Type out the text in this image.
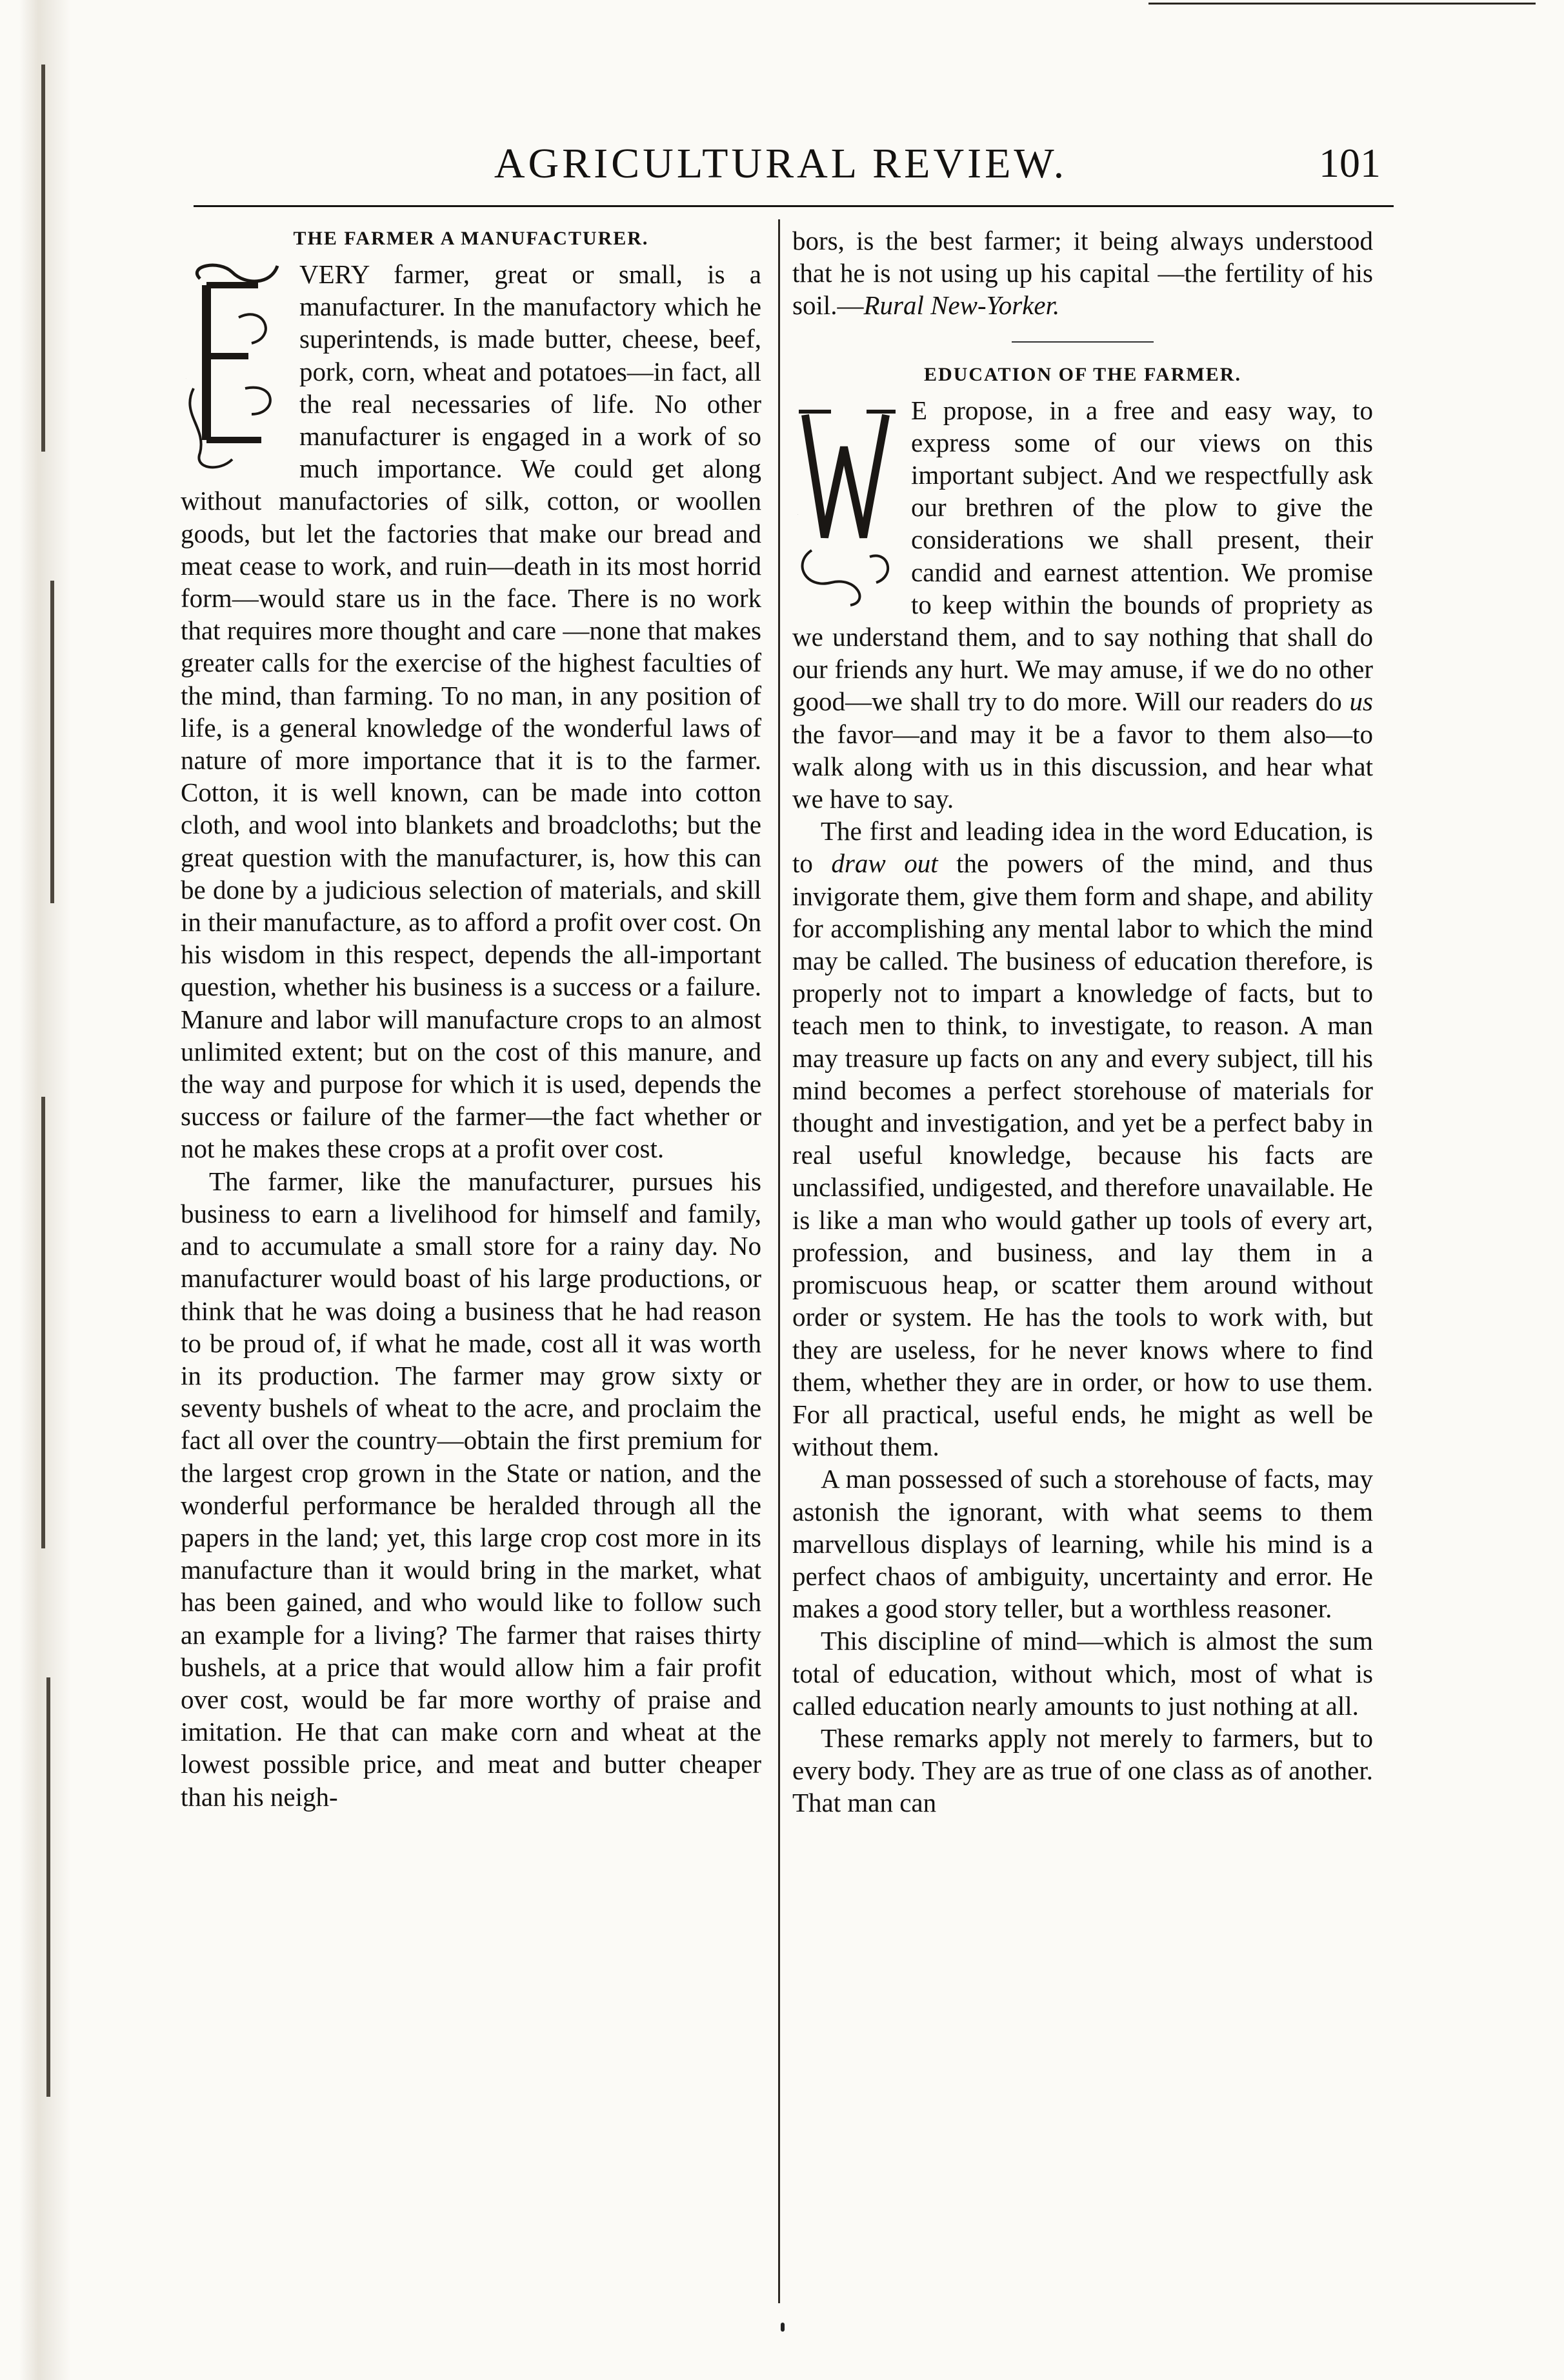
AGRICULTURAL REVIEW.	101
THE FARMER A MANUFACTURER.
E

VERY farmer, great or small, is a manufacturer. In the manufactory which he superintends, is made butter, cheese, beef, pork, corn, wheat and potatoes—in fact, all the real necessaries of life. No other manufacturer is engaged in a work of so much importance. We could get along without manufactories of silk, cotton, or woollen goods, but let the factories that make our bread and meat cease to work, and ruin—death in its most horrid form—would stare us in the face. There is no work that requires more thought and care —none that makes greater calls for the exercise of the highest faculties of the mind, than farming. To no man, in any position of life, is a general knowledge of the wonderful laws of nature of more importance that it is to the farmer. Cotton, it is well known, can be made into cotton cloth, and wool into blankets and broadcloths; but the great question with the manufacturer, is, how this can be done by a judicious selection of materials, and skill in their manufacture, as to afford a profit over cost. On his wisdom in this respect, depends the all-important question, whether his business is a success or a failure. Manure and labor will manufacture crops to an almost unlimited extent; but on the cost of this manure, and the way and purpose for which it is used, depends the success or failure of the farmer—the fact whether or not he makes these crops at a profit over cost.

The farmer, like the manufacturer, pursues his business to earn a livelihood for himself and family, and to accumulate a small store for a rainy day. No manufacturer would boast of his large productions, or think that he was doing a business that he had reason to be proud of, if what he made, cost all it was worth in its production. The farmer may grow sixty or seventy bushels of wheat to the acre, and proclaim the fact all over the country—obtain the first premium for the largest crop grown in the State or nation, and the wonderful performance be heralded through all the papers in the land; yet, this large crop cost more in its manufacture than it would bring in the market, what has been gained, and who would like to follow such an example for a living? The farmer that raises thirty bushels, at a price that would allow him a fair profit over cost, would be far more worthy of praise and imitation. He that can make corn and wheat at the lowest possible price, and meat and butter cheaper than his neigh-

bors, is the best farmer; it being always understood that he is not using up his capital —the fertility of his soil.—Rural New-Yorker.

EDUCATION OF THE FARMER.
W

E propose, in a free and easy way, to express some of our views on this important subject. And we respectfully ask our brethren of the plow to give the considerations we shall present, their candid and earnest attention. We promise to keep within the bounds of propriety as we understand them, and to say nothing that shall do our friends any hurt. We may amuse, if we do no other good—we shall try to do more. Will our readers do us the favor—and may it be a favor to them also—to walk along with us in this discussion, and hear what we have to say.

The first and leading idea in the word Education, is to draw out the powers of the mind, and thus invigorate them, give them form and shape, and ability for accomplishing any mental labor to which the mind may be called. The business of education therefore, is properly not to impart a knowledge of facts, but to teach men to think, to investigate, to reason. A man may treasure up facts on any and every subject, till his mind becomes a perfect storehouse of materials for thought and investigation, and yet be a perfect baby in real useful knowledge, because his facts are unclassified, undigested, and therefore unavailable. He is like a man who would gather up tools of every art, profession, and business, and lay them in a promiscuous heap, or scatter them around without order or system. He has the tools to work with, but they are useless, for he never knows where to find them, whether they are in order, or how to use them. For all practical, useful ends, he might as well be without them.

A man possessed of such a storehouse of facts, may astonish the ignorant, with what seems to them marvellous displays of learning, while his mind is a perfect chaos of ambiguity, uncertainty and error. He makes a good story teller, but a worthless reasoner.

This discipline of mind—which is almost the sum total of education, without which, most of what is called education nearly amounts to just nothing at all.

These remarks apply not merely to farmers, but to every body. They are as true of one class as of another. That man can
